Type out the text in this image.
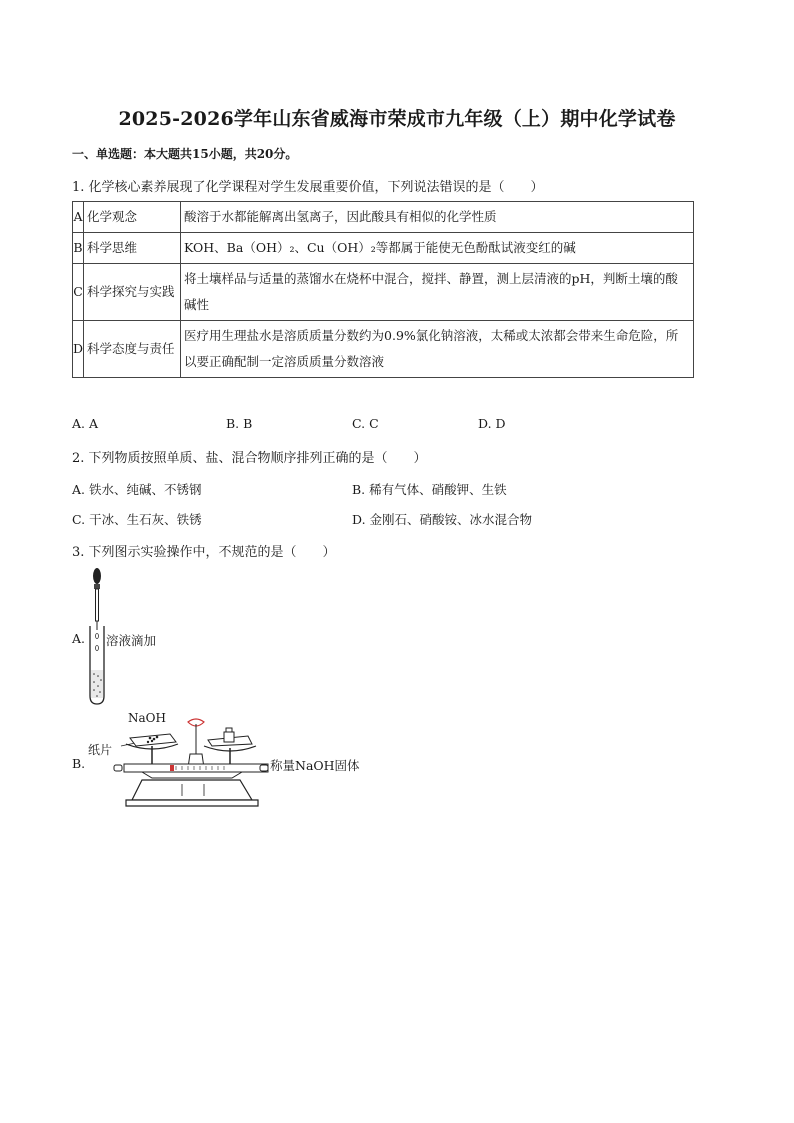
2025-2026学年山东省威海市荣成市九年级（上）期中化学试卷
一、单选题：本大题共15小题，共20分。
1. 化学核心素养展现了化学课程对学生发展重要价值，下列说法错误的是（　　）
A	化学观念	酸溶于水都能解离出氢离子，因此酸具有相似的化学性质
B	科学思维	KOH、Ba（OH）₂、Cu（OH）₂等都属于能使无色酚酞试液变红的碱
C	科学探究与实践	将土壤样品与适量的蒸馏水在烧杯中混合，搅拌、静置，测上层清液的pH，判断土壤的酸碱性
D	科学态度与责任	医疗用生理盐水是溶质质量分数约为0.9%氯化钠溶液，太稀或太浓都会带来生命危险，所以要正确配制一定溶质质量分数溶液
A. A	B. B	C. C	D. D
2. 下列物质按照单质、盐、混合物顺序排列正确的是（　　）
A. 铁水、纯碱、不锈钢	B. 稀有气体、硝酸钾、生铁
C. 干冰、生石灰、铁锈	D. 金刚石、硝酸铵、冰水混合物
3. 下列图示实验操作中，不规范的是（　　）
A. 溶液滴加
B.
NaOH
纸片
称量NaOH固体
